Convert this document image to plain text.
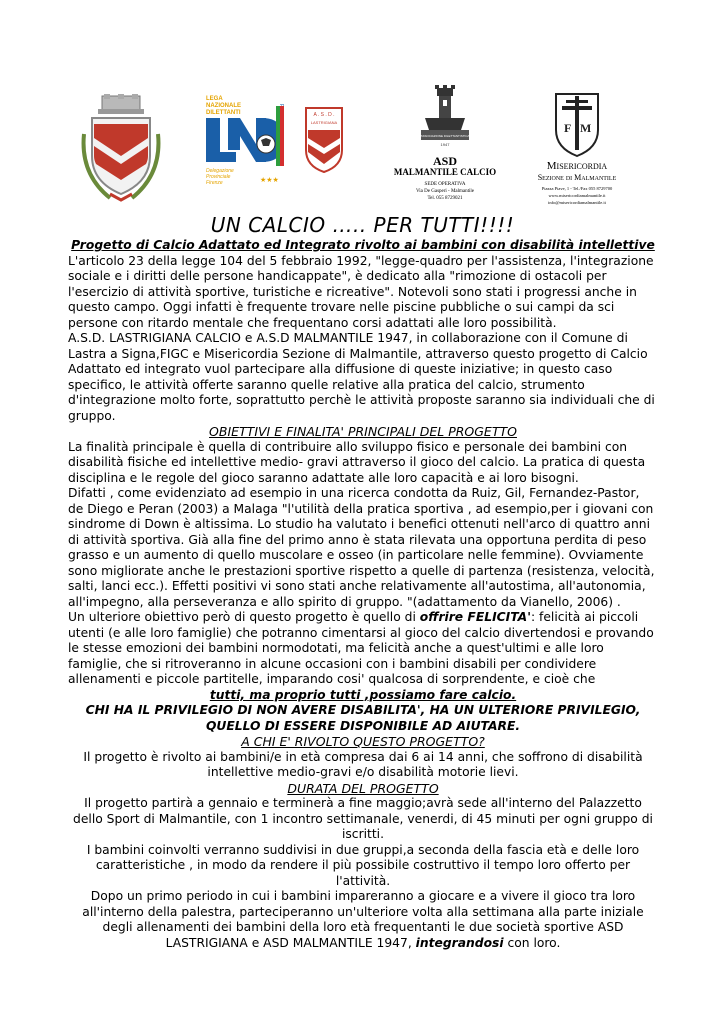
LEGA
NAZIONALE
DILETTANTI
Delegazione
Provinciale
Firenze	★★★
A . S . D .
LASTRIGIANA
ASSOCIAZIONE DILETTANTISTICA
1947
ASD
MALMANTILE CALCIO
SEDE OPERATIVA
Via De Gasperi - Malmantile
Tel. 055 8729021
F M
Misericordia
Sezione di Malmantile
Piazza Piave, 1 - Tel./Fax 055 8729700
www.misericordiamalmantile.it
info@misericordiamalmantile.it
UN CALCIO ….. PER TUTTI!!!!

Progetto di Calcio Adattato ed Integrato rivolto ai bambini con disabilità intellettive

L'articolo 23 della legge 104 del 5 febbraio 1992, "legge-quadro per l'assistenza, l'integrazione sociale e i diritti delle persone handicappate", è dedicato alla "rimozione di ostacoli per l'esercizio di attività sportive, turistiche e ricreative". Notevoli sono stati i progressi anche in questo campo. Oggi infatti è frequente trovare nelle piscine pubbliche o sui campi da sci persone con ritardo mentale che frequentano corsi adattati alle loro possibilità.

A.S.D. LASTRIGIANA CALCIO e A.S.D MALMANTILE 1947, in collaborazione con il Comune di Lastra a Signa,FIGC e Misericordia Sezione di Malmantile, attraverso questo progetto di Calcio Adattato ed integrato vuol partecipare alla diffusione di queste iniziative; in questo caso specifico, le attività offerte saranno quelle relative alla pratica del calcio, strumento d'integrazione molto forte, soprattutto perchè le attività proposte saranno sia individuali che di gruppo.

OBIETTIVI E FINALITA' PRINCIPALI DEL PROGETTO

La finalità principale è quella di contribuire allo sviluppo fisico e personale dei bambini con disabilità fisiche ed intellettive medio- gravi attraverso il gioco del calcio. La pratica di questa disciplina e le regole del gioco saranno adattate alle loro capacità e ai loro bisogni.

Difatti , come evidenziato ad esempio in una ricerca condotta da Ruiz, Gil, Fernandez-Pastor, de Diego e Peran (2003) a Malaga "l'utilità della pratica sportiva , ad esempio,per i giovani con sindrome di Down è altissima. Lo studio ha valutato i benefici ottenuti nell'arco di quattro anni di attività sportiva. Già alla fine del primo anno è stata rilevata una opportuna perdita di peso grasso e un aumento di quello muscolare e osseo (in particolare nelle femmine). Ovviamente sono migliorate anche le prestazioni sportive rispetto a quelle di partenza (resistenza, velocità, salti, lanci ecc.). Effetti positivi vi sono stati anche relativamente all'autostima, all'autonomia, all'impegno, alla perseveranza e allo spirito di gruppo. "(adattamento da Vianello, 2006) .

Un ulteriore obiettivo però di questo progetto è quello di offrire FELICITA': felicità ai piccoli utenti (e alle loro famiglie) che potranno cimentarsi al gioco del calcio divertendosi e provando le stesse emozioni dei bambini normodotati, ma felicità anche a quest'ultimi e alle loro famiglie, che si ritroveranno in alcune occasioni con i bambini disabili per condividere allenamenti e piccole partitelle, imparando cosi' qualcosa di sorprendente, e cioè che

tutti, ma proprio tutti ,possiamo fare calcio.

CHI HA IL PRIVILEGIO DI NON AVERE DISABILITA', HA UN ULTERIORE PRIVILEGIO,

QUELLO DI ESSERE DISPONIBILE AD AIUTARE.

A CHI E' RIVOLTO QUESTO PROGETTO?

Il progetto è rivolto ai bambini/e in età compresa dai 6 ai 14 anni, che soffrono di disabilità intellettive medio-gravi e/o disabilità motorie lievi.

DURATA DEL PROGETTO

Il progetto partirà a gennaio e terminerà a fine maggio;avrà sede all'interno del Palazzetto dello Sport di Malmantile, con 1 incontro settimanale, venerdi, di 45 minuti per ogni gruppo di iscritti.

I bambini coinvolti verranno suddivisi in due gruppi,a seconda della fascia età e delle loro caratteristiche , in modo da rendere il più possibile costruttivo il tempo loro offerto per l'attività.

Dopo un primo periodo in cui i bambini impareranno a giocare e a vivere il gioco tra loro all'interno della palestra, parteciperanno un'ulteriore volta alla settimana alla parte iniziale degli allenamenti dei bambini della loro età frequentanti le due società sportive ASD LASTRIGIANA e ASD MALMANTILE 1947, integrandosi con loro.
